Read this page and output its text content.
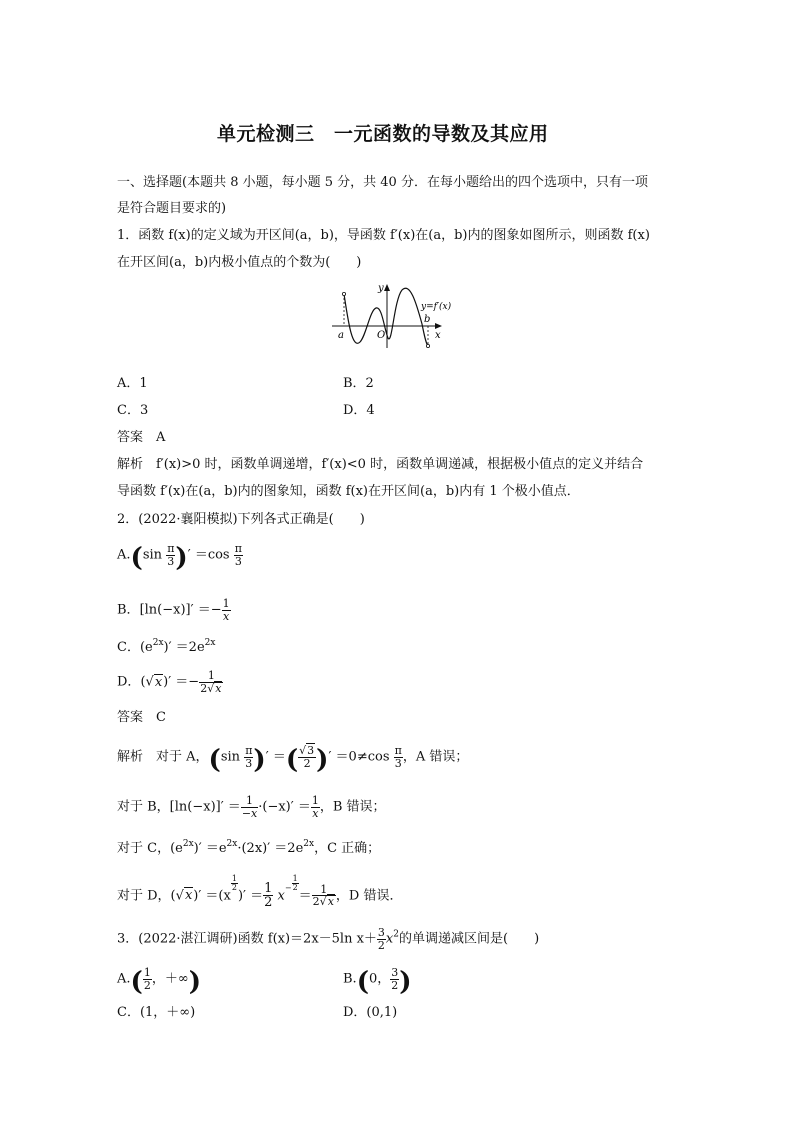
单元检测三　一元函数的导数及其应用
一、选择题(本题共 8 小题，每小题 5 分，共 40 分．在每小题给出的四个选项中，只有一项
是符合题目要求的)
1．函数 f(x)的定义域为开区间(a，b)，导函数 f′(x)在(a，b)内的图象如图所示，则函数 f(x)
在开区间(a，b)内极小值点的个数为(　　)
y
x
O
a
b
y=f′(x)
A．1	B．2
C．3	D．4
答案　A
解析　f′(x)>0 时，函数单调递增，f′(x)<0 时，函数单调递减，根据极小值点的定义并结合
导函数 f′(x)在(a，b)内的图象知，函数 f(x)在开区间(a，b)内有 1 个极小值点．
2．(2022·襄阳模拟)下列各式正确是(　　)
$A.(\sin \frac{\pi}{3}$ )′ $=\cos \frac{\pi}{3}$
B．$[\ln(-x)]' =- \frac{1}{x}$
C．$(e^{2x})' =2e^{2x}$
D．$(√x)' =- \frac{1}{2√x}$
答案　C
解析　对于 A，($\sin \frac{\pi}{3}$ )′ ＝( $\frac{√3}{2}$ )′ $=0\ne\cos \frac{\pi}{3}$ ，A 错误；
对于 B，$[\ln(-x)]' = \frac{1}{-x} \cdot(-x)' = \frac{1}{x}$ ，B 错误；
对于 C，$(e^{2x})' =e^{2x}\cdot(2x)' =2e^{2x}$，C 正确；
对于 D，(√x)′ ＝(x
$\frac{1}{2}$
)′ ＝ $\frac{1}{2} x^- \frac{1}{2}$
＝ $\frac{1}{2√x}$ ，D 错误．
3．(2022·湛江调研)函数 f(x)＝2x－5ln $x+ \frac{3}{2} x^2$的单调递减区间是(　　)
$A.( \frac{1}{2}$ ，＋∞)	B.(0， $\frac{3}{2}$ )
C．(1，＋∞)	D．(0,1)
